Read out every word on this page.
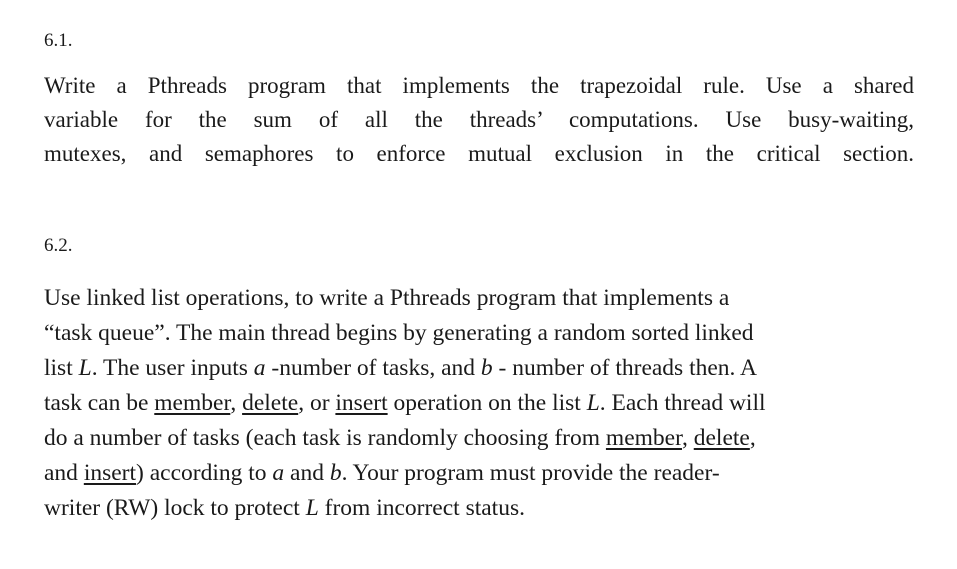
6.1.
Write a Pthreads program that implements the trapezoidal rule. Use a shared
variable for the sum of all the threads’ computations. Use busy-waiting,
mutexes, and semaphores to enforce mutual exclusion in the critical section.
6.2.
Use linked list operations, to write a Pthreads program that implements a
“task queue”. The main thread begins by generating a random sorted linked
list L. The user inputs a -number of tasks, and b - number of threads then. A
task can be member, delete, or insert operation on the list L. Each thread will
do a number of tasks (each task is randomly choosing from member, delete,
and insert) according to a and b. Your program must provide the reader-
writer (RW) lock to protect L from incorrect status.
